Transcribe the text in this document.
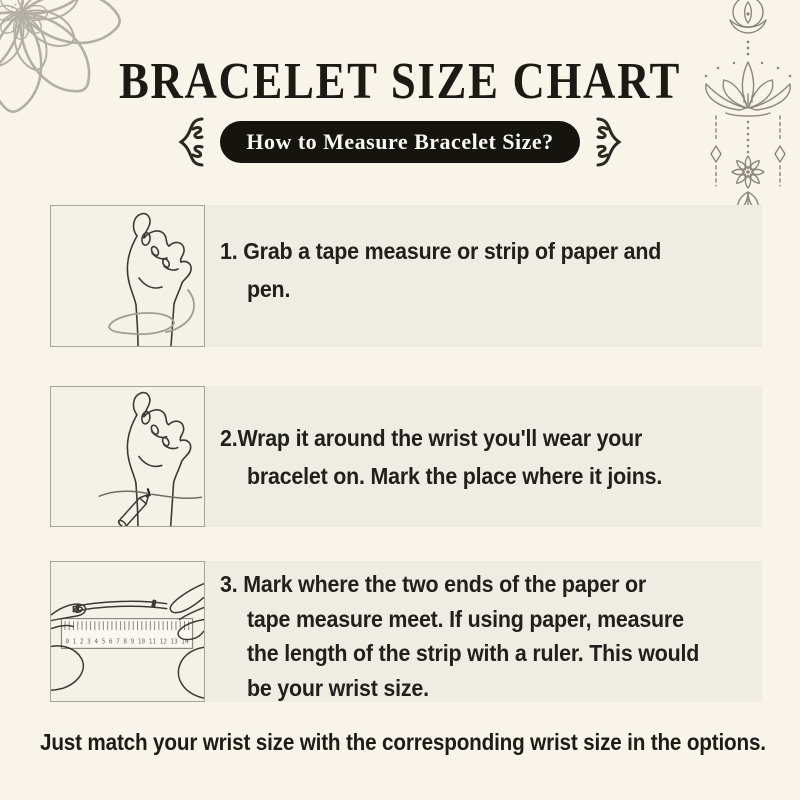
BRACELET SIZE CHART
How to Measure Bracelet Size?
1. Grab a tape measure or strip of paper and
pen.
2.Wrap it around the wrist you'll wear your
bracelet on. Mark the place where it joins.
0 1 2 3 4 5 6 7 8 9 10 11 12 13 14
3. Mark where the two ends of the paper or
tape measure meet. If using paper, measure
the length of the strip with a ruler. This would
be your wrist size.
Just match your wrist size with the corresponding wrist size in the options.
